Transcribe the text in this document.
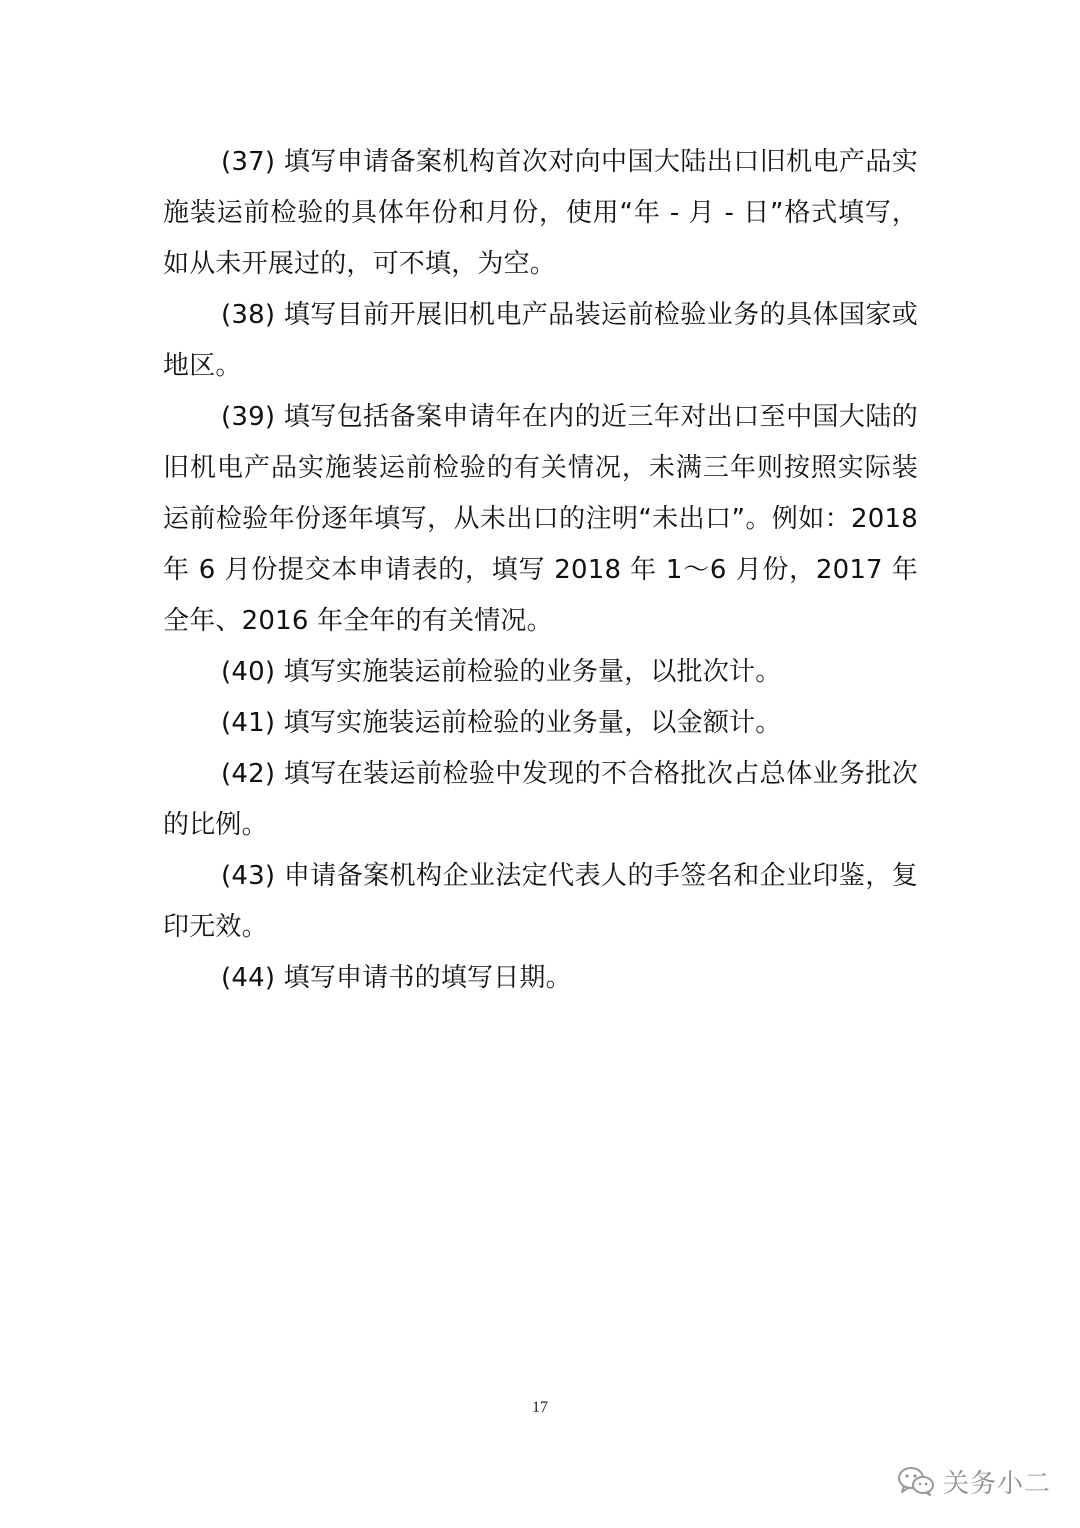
(37) 填写申请备案机构首次对向中国大陆出口旧机电产品实施装运前检验的具体年份和月份，使用“年 - 月 - 日”格式填写，如从未开展过的，可不填，为空。

(38) 填写目前开展旧机电产品装运前检验业务的具体国家或地区。

(39) 填写包括备案申请年在内的近三年对出口至中国大陆的旧机电产品实施装运前检验的有关情况，未满三年则按照实际装运前检验年份逐年填写，从未出口的注明“未出口”。例如：2018 年 6 月份提交本申请表的，填写 2018 年 1～6 月份，2017 年全年、2016 年全年的有关情况。

(40) 填写实施装运前检验的业务量，以批次计。

(41) 填写实施装运前检验的业务量，以金额计。

(42) 填写在装运前检验中发现的不合格批次占总体业务批次的比例。

(43) 申请备案机构企业法定代表人的手签名和企业印鉴，复印无效。

(44) 填写申请书的填写日期。

17
关务小二
